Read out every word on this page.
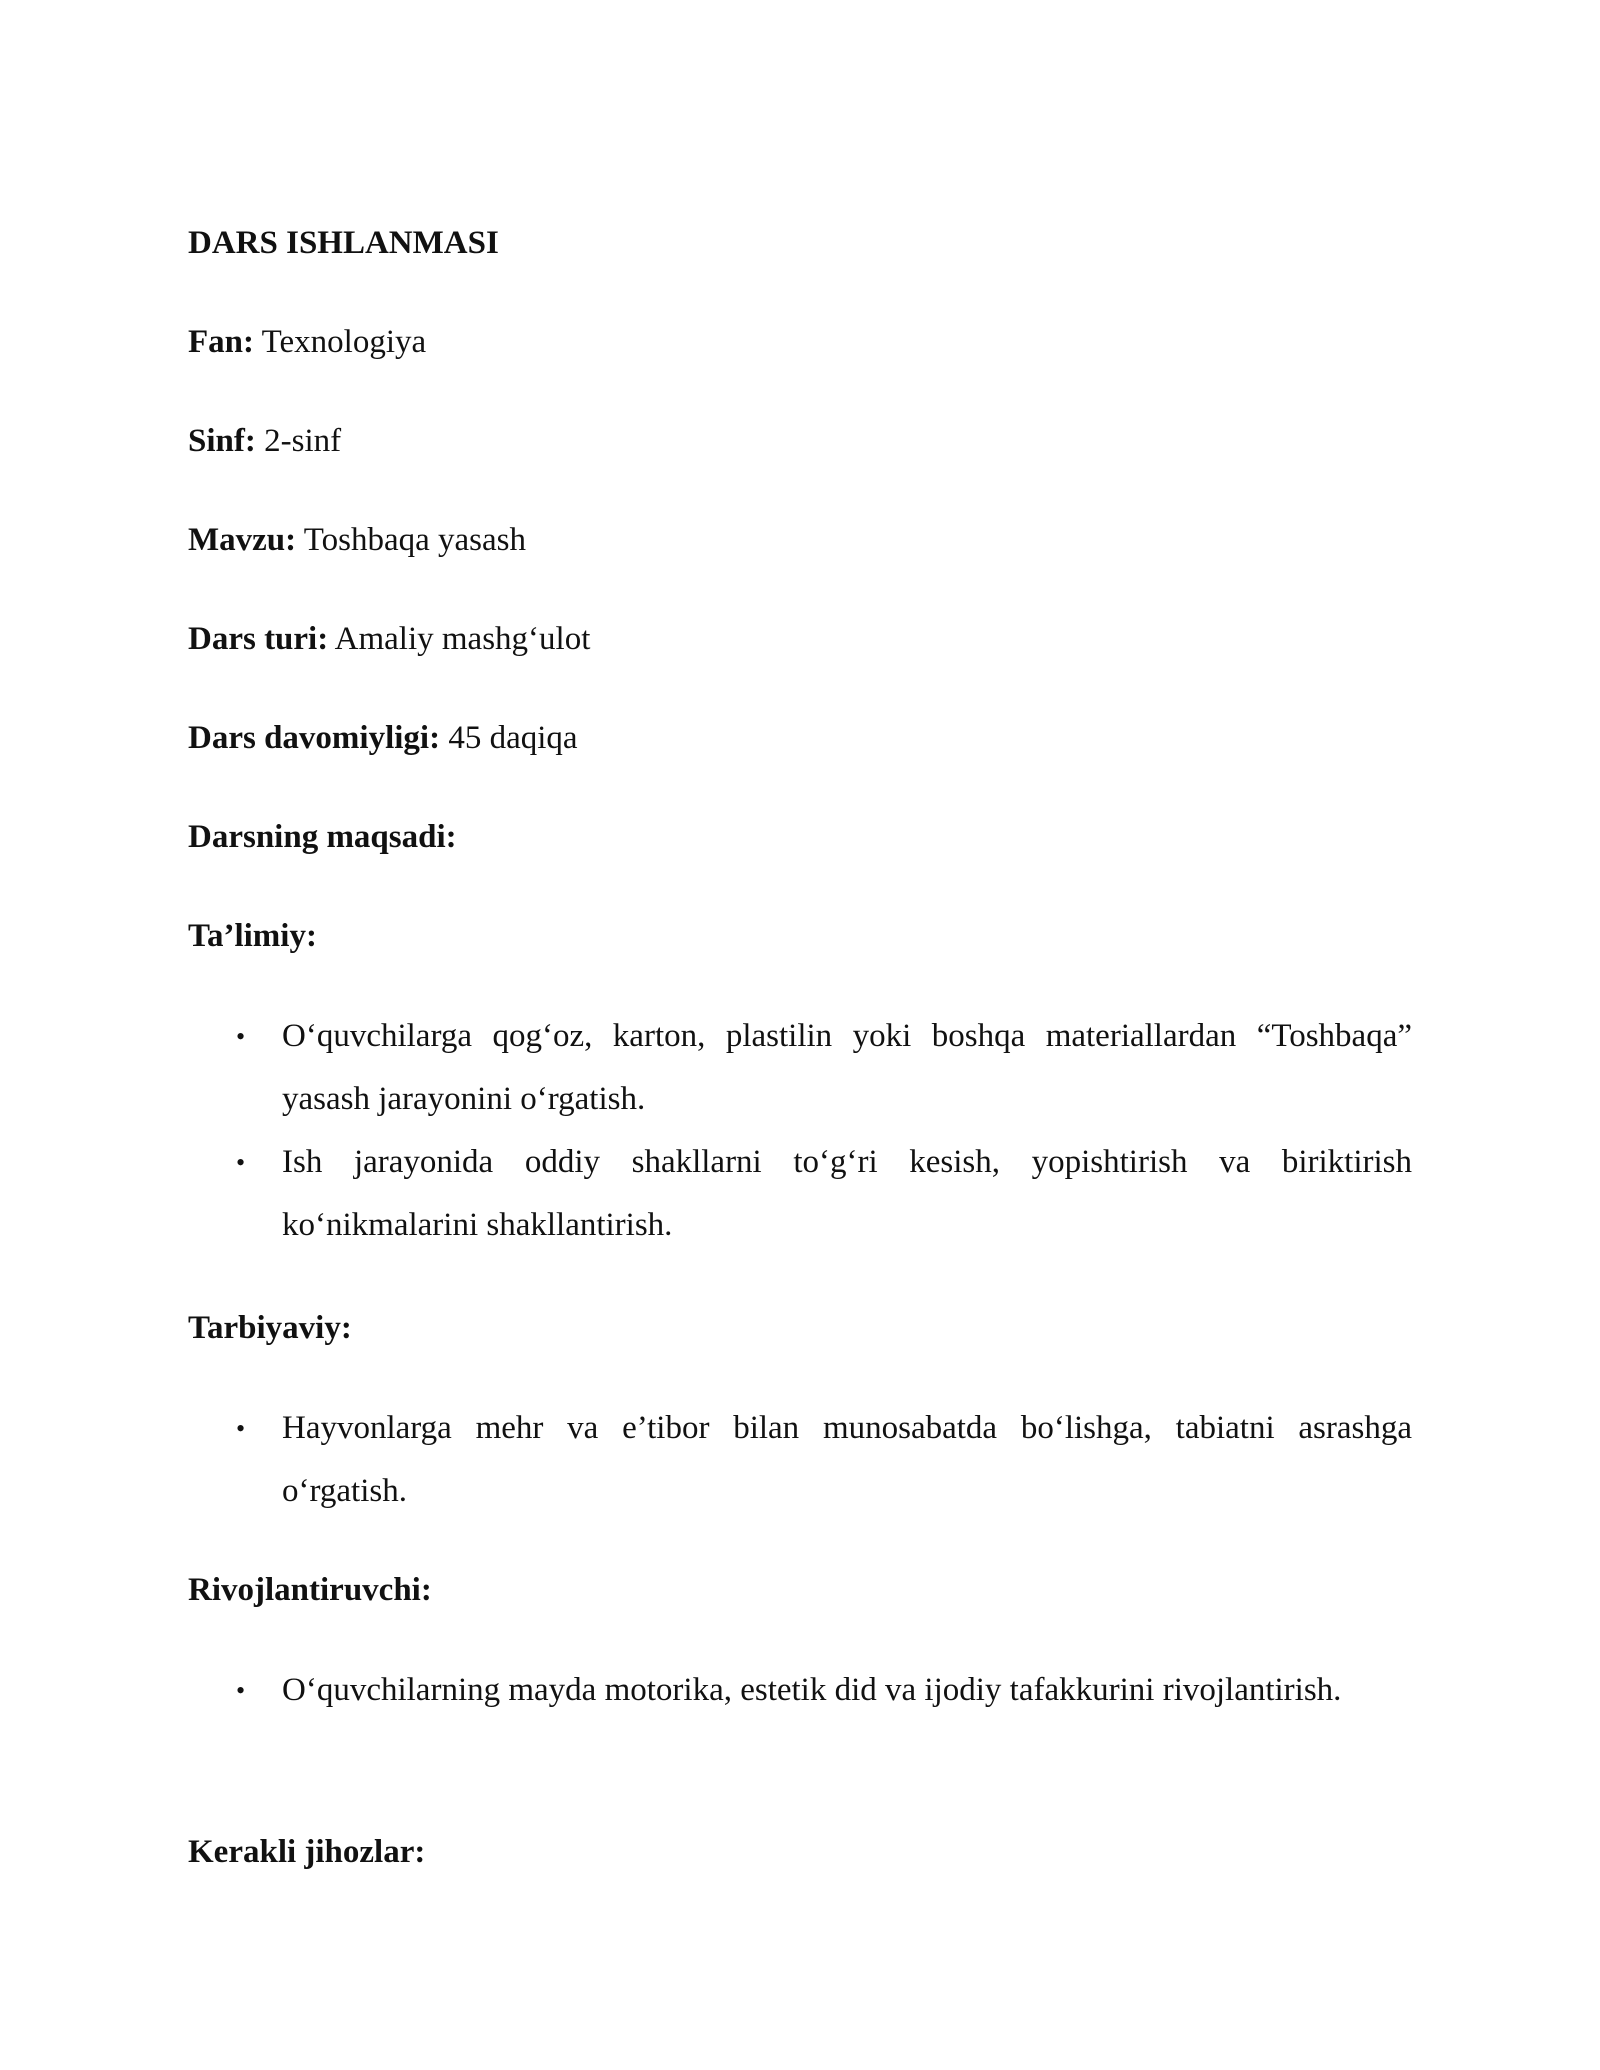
DARS ISHLANMASI
Fan: Texnologiya
Sinf: 2-sinf
Mavzu: Toshbaqa yasash
Dars turi: Amaliy mashg‘ulot
Dars davomiyligi: 45 daqiqa
Darsning maqsadi:
Ta’limiy:
• O‘quvchilarga qog‘oz, karton, plastilin yoki boshqa materiallardan “Toshbaqa” yasash jarayonini o‘rgatish.
• Ish jarayonida oddiy shakllarni to‘g‘ri kesish, yopishtirish va biriktirish ko‘nikmalarini shakllantirish.
Tarbiyaviy:
• Hayvonlarga mehr va e’tibor bilan munosabatda bo‘lishga, tabiatni asrashga o‘rgatish.
Rivojlantiruvchi:
• O‘quvchilarning mayda motorika, estetik did va ijodiy tafakkurini rivojlantirish.
Kerakli jihozlar:
